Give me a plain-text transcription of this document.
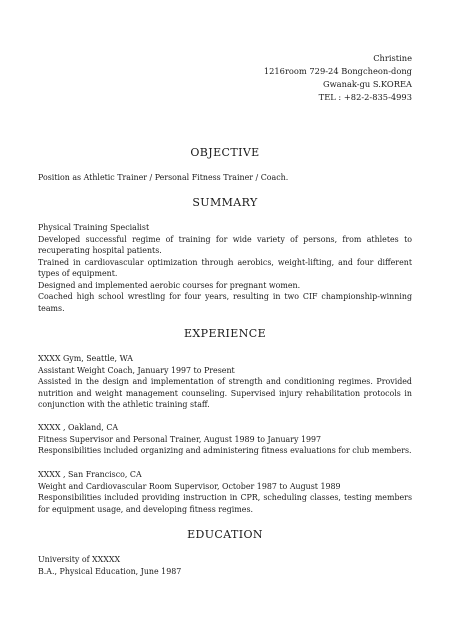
Christine
1216room 729-24 Bongcheon-dong
Gwanak-gu S.KOREA
TEL : +82-2-835-4993
OBJECTIVE
Position as Athletic Trainer / Personal Fitness Trainer / Coach.
SUMMARY
Physical Training Specialist
Developed successful regime of training for wide variety of persons, from athletes to recuperating hospital patients.
Trained in cardiovascular optimization through aerobics, weight-lifting, and four different types of equipment.
Designed and implemented aerobic courses for pregnant women.
Coached high school wrestling for four years, resulting in two CIF championship-winning teams.
EXPERIENCE
XXXX Gym, Seattle, WA
Assistant Weight Coach, January 1997 to Present
Assisted in the design and implementation of strength and conditioning regimes. Provided nutrition and weight management counseling. Supervised injury rehabilitation protocols in conjunction with the athletic training staff.
XXXX , Oakland, CA
Fitness Supervisor and Personal Trainer, August 1989 to January 1997
Responsibilities included organizing and administering fitness evaluations for club members.
XXXX , San Francisco, CA
Weight and Cardiovascular Room Supervisor, October 1987 to August 1989
Responsibilities included providing instruction in CPR, scheduling classes, testing members for equipment usage, and developing fitness regimes.
EDUCATION
University of XXXXX
B.A., Physical Education, June 1987
